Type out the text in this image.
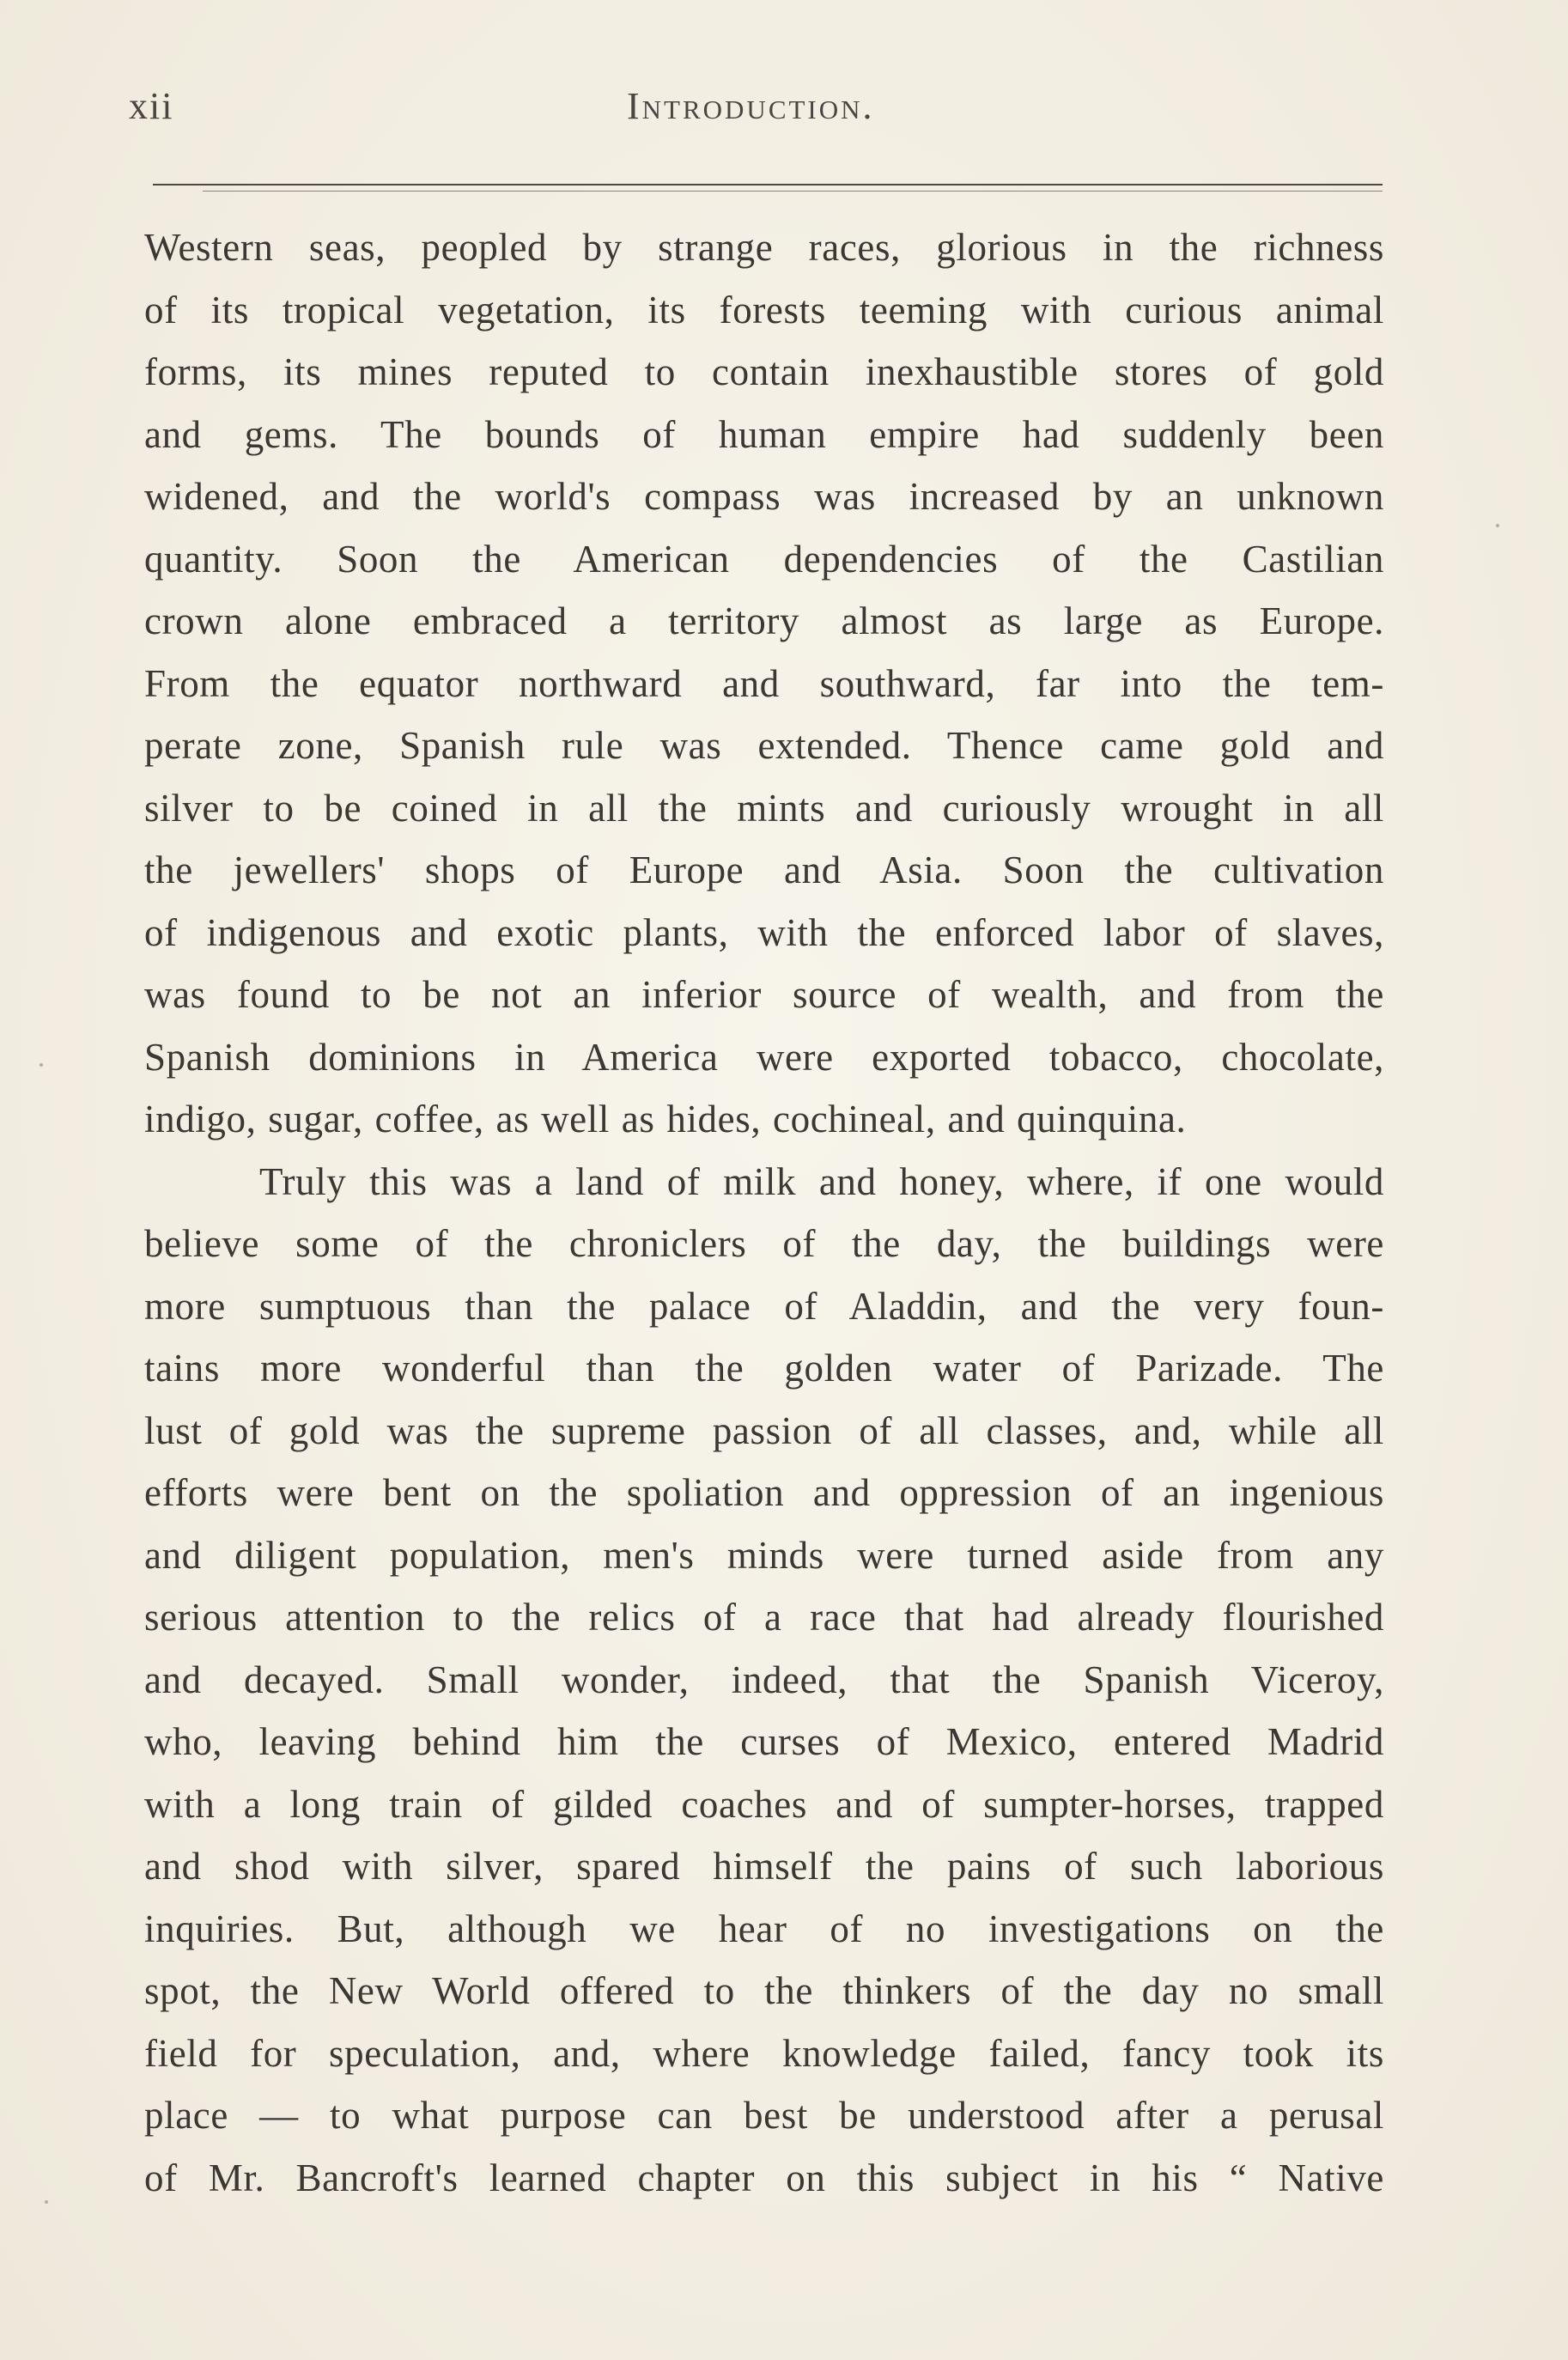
xii	Introduction.
Western seas, peopled by strange races, glorious in the richness
of its tropical vegetation, its forests teeming with curious animal
forms, its mines reputed to contain inexhaustible stores of gold
and gems. The bounds of human empire had suddenly been
widened, and the world's compass was increased by an unknown
quantity. Soon the American dependencies of the Castilian
crown alone embraced a territory almost as large as Europe.
From the equator northward and southward, far into the tem-
perate zone, Spanish rule was extended. Thence came gold and
silver to be coined in all the mints and curiously wrought in all
the jewellers' shops of Europe and Asia. Soon the cultivation
of indigenous and exotic plants, with the enforced labor of slaves,
was found to be not an inferior source of wealth, and from the
Spanish dominions in America were exported tobacco, chocolate,
indigo, sugar, coffee, as well as hides, cochineal, and quinquina.
Truly this was a land of milk and honey, where, if one would
believe some of the chroniclers of the day, the buildings were
more sumptuous than the palace of Aladdin, and the very foun-
tains more wonderful than the golden water of Parizade. The
lust of gold was the supreme passion of all classes, and, while all
efforts were bent on the spoliation and oppression of an ingenious
and diligent population, men's minds were turned aside from any
serious attention to the relics of a race that had already flourished
and decayed. Small wonder, indeed, that the Spanish Viceroy,
who, leaving behind him the curses of Mexico, entered Madrid
with a long train of gilded coaches and of sumpter-horses, trapped
and shod with silver, spared himself the pains of such laborious
inquiries. But, although we hear of no investigations on the
spot, the New World offered to the thinkers of the day no small
field for speculation, and, where knowledge failed, fancy took its
place — to what purpose can best be understood after a perusal
of Mr. Bancroft's learned chapter on this subject in his “ Native
